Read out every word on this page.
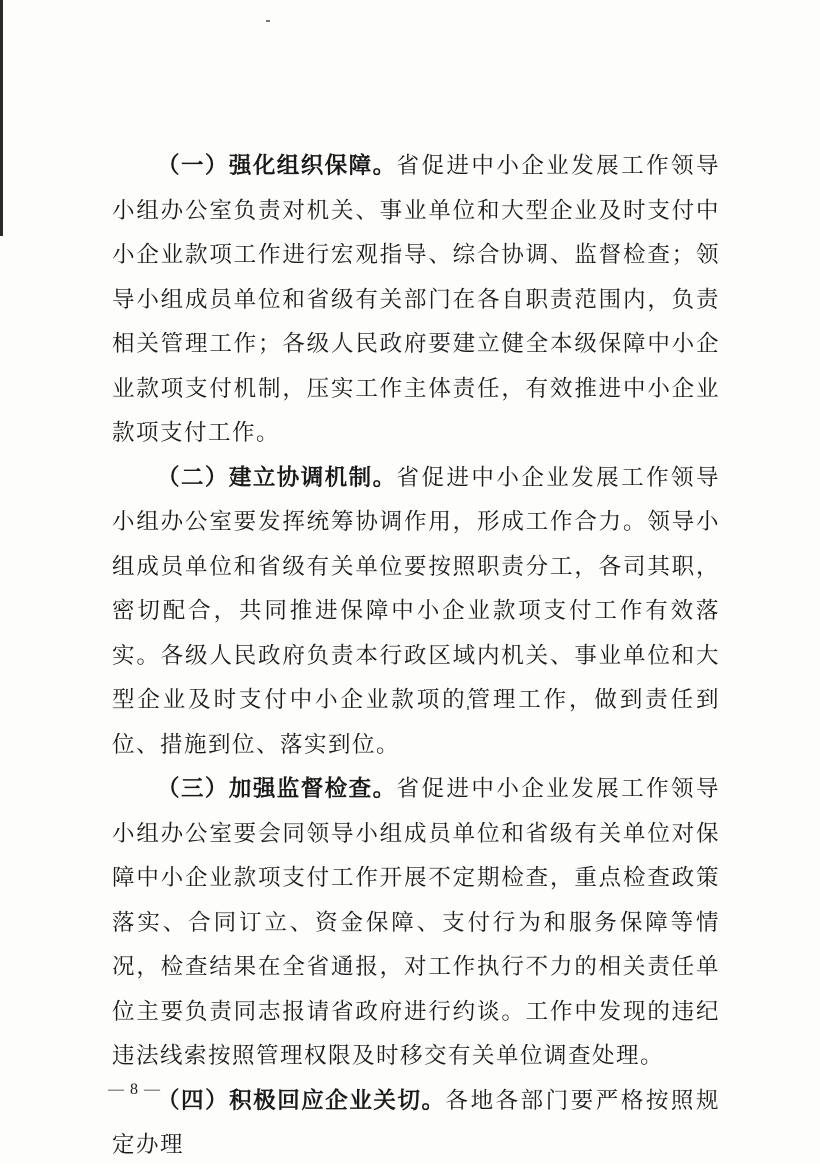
（一）强化组织保障。省促进中小企业发展工作领导小组办公室负责对机关、事业单位和大型企业及时支付中小企业款项工作进行宏观指导、综合协调、监督检查；领导小组成员单位和省级有关部门在各自职责范围内，负责相关管理工作；各级人民政府要建立健全本级保障中小企业款项支付机制，压实工作主体责任，有效推进中小企业款项支付工作。

（二）建立协调机制。省促进中小企业发展工作领导小组办公室要发挥统筹协调作用，形成工作合力。领导小组成员单位和省级有关单位要按照职责分工，各司其职，密切配合，共同推进保障中小企业款项支付工作有效落实。各级人民政府负责本行政区域内机关、事业单位和大型企业及时支付中小企业款项的管理工作，做到责任到位、措施到位、落实到位。

（三）加强监督检查。省促进中小企业发展工作领导小组办公室要会同领导小组成员单位和省级有关单位对保障中小企业款项支付工作开展不定期检查，重点检查政策落实、合同订立、资金保障、支付行为和服务保障等情况，检查结果在全省通报，对工作执行不力的相关责任单位主要负责同志报请省政府进行约谈。工作中发现的违纪违法线索按照管理权限及时移交有关单位调查处理。

（四）积极回应企业关切。各地各部门要严格按照规定办理

— 8 —
